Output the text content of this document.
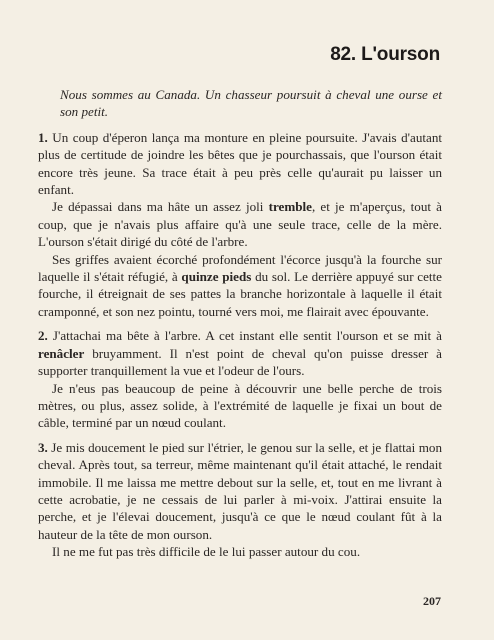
82. L'ourson

Nous sommes au Canada. Un chasseur poursuit à cheval une ourse et son petit.

1. Un coup d'éperon lança ma monture en pleine poursuite. J'avais d'autant plus de certitude de joindre les bêtes que je pourchassais, que l'ourson était encore très jeune. Sa trace était à peu près celle qu'aurait pu laisser un enfant.

Je dépassai dans ma hâte un assez joli tremble, et je m'aperçus, tout à coup, que je n'avais plus affaire qu'à une seule trace, celle de la mère. L'ourson s'était dirigé du côté de l'arbre.

Ses griffes avaient écorché profondément l'écorce jusqu'à la fourche sur laquelle il s'était réfugié, à quinze pieds du sol. Le derrière appuyé sur cette fourche, il étreignait de ses pattes la branche horizontale à laquelle il était cramponné, et son nez pointu, tourné vers moi, me flairait avec épouvante.

2. J'attachai ma bête à l'arbre. A cet instant elle sentit l'ourson et se mit à renâcler bruyamment. Il n'est point de cheval qu'on puisse dresser à supporter tranquillement la vue et l'odeur de l'ours.

Je n'eus pas beaucoup de peine à découvrir une belle perche de trois mètres, ou plus, assez solide, à l'extrémité de laquelle je fixai un bout de câble, terminé par un nœud coulant.

3. Je mis doucement le pied sur l'étrier, le genou sur la selle, et je flattai mon cheval. Après tout, sa terreur, même maintenant qu'il était attaché, le rendait immobile. Il me laissa me mettre debout sur la selle, et, tout en me livrant à cette acrobatie, je ne cessais de lui parler à mi-voix. J'attirai ensuite la perche, et je l'élevai doucement, jusqu'à ce que le nœud coulant fût à la hauteur de la tête de mon ourson.

Il ne me fut pas très difficile de le lui passer autour du cou.

207
